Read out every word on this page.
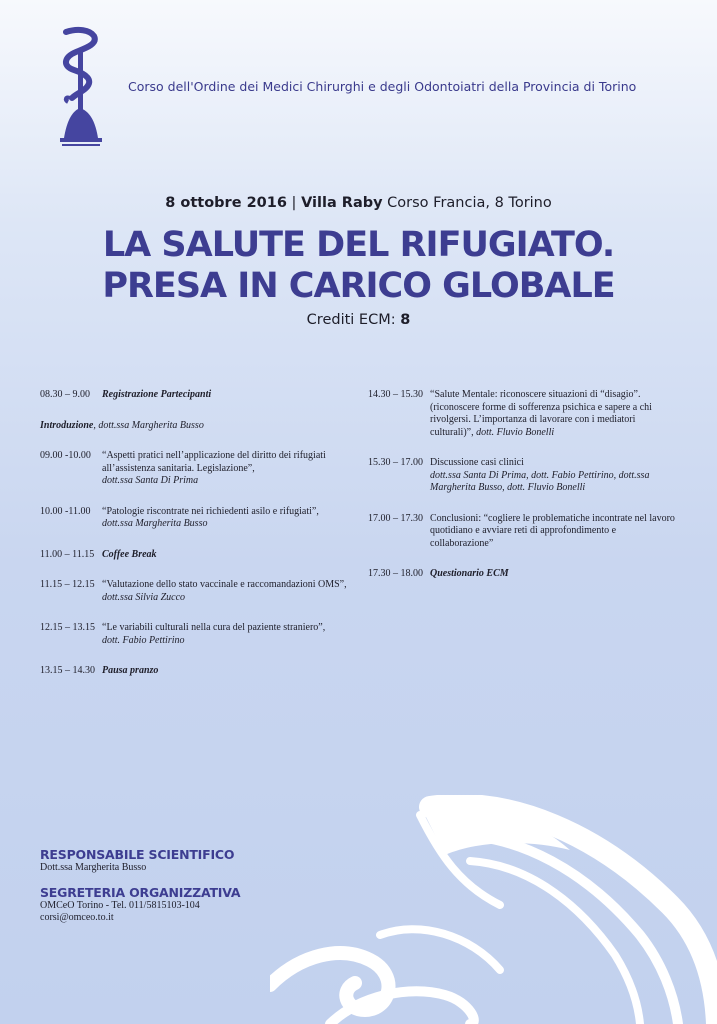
Corso dell'Ordine dei Medici Chirurghi e degli Odontoiatri della Provincia di Torino
8 ottobre 2016 | Villa Raby Corso Francia, 8 Torino
LA SALUTE DEL RIFUGIATO.
PRESA IN CARICO GLOBALE
Crediti ECM: 8
08.30 – 9.00	Registrazione Partecipanti
Introduzione, dott.ssa Margherita Busso
09.00 -10.00	“Aspetti pratici nell’applicazione del diritto dei rifugiati all’assistenza sanitaria. Legislazione”,
dott.ssa Santa Di Prima
10.00 -11.00	“Patologie riscontrate nei richiedenti asilo e rifugiati”,
dott.ssa Margherita Busso
11.00 – 11.15 Coffee Break
11.15 – 12.15 “Valutazione dello stato vaccinale e raccomandazioni OMS”, dott.ssa Silvia Zucco
12.15 – 13.15 “Le variabili culturali nella cura del paziente straniero”,
dott. Fabio Pettirino
13.15 – 14.30 Pausa pranzo
14.30 – 15.30 “Salute Mentale: riconoscere situazioni di “disagio”. (riconoscere forme di sofferenza psichica e sapere a chi rivolgersi. L’importanza di lavorare con i mediatori culturali)”, dott. Fluvio Bonelli
15.30 – 17.00 Discussione casi clinici
dott.ssa Santa Di Prima, dott. Fabio Pettirino, dott.ssa Margherita Busso, dott. Fluvio Bonelli
17.00 – 17.30 Conclusioni: “cogliere le problematiche incontrate nel lavoro quotidiano e avviare reti di approfondimento e collaborazione”
17.30 – 18.00 Questionario ECM
RESPONSABILE SCIENTIFICO

Dott.ssa Margherita Busso

SEGRETERIA ORGANIZZATIVA

OMCeO Torino - Tel. 011/5815103-104

corsi@omceo.to.it
